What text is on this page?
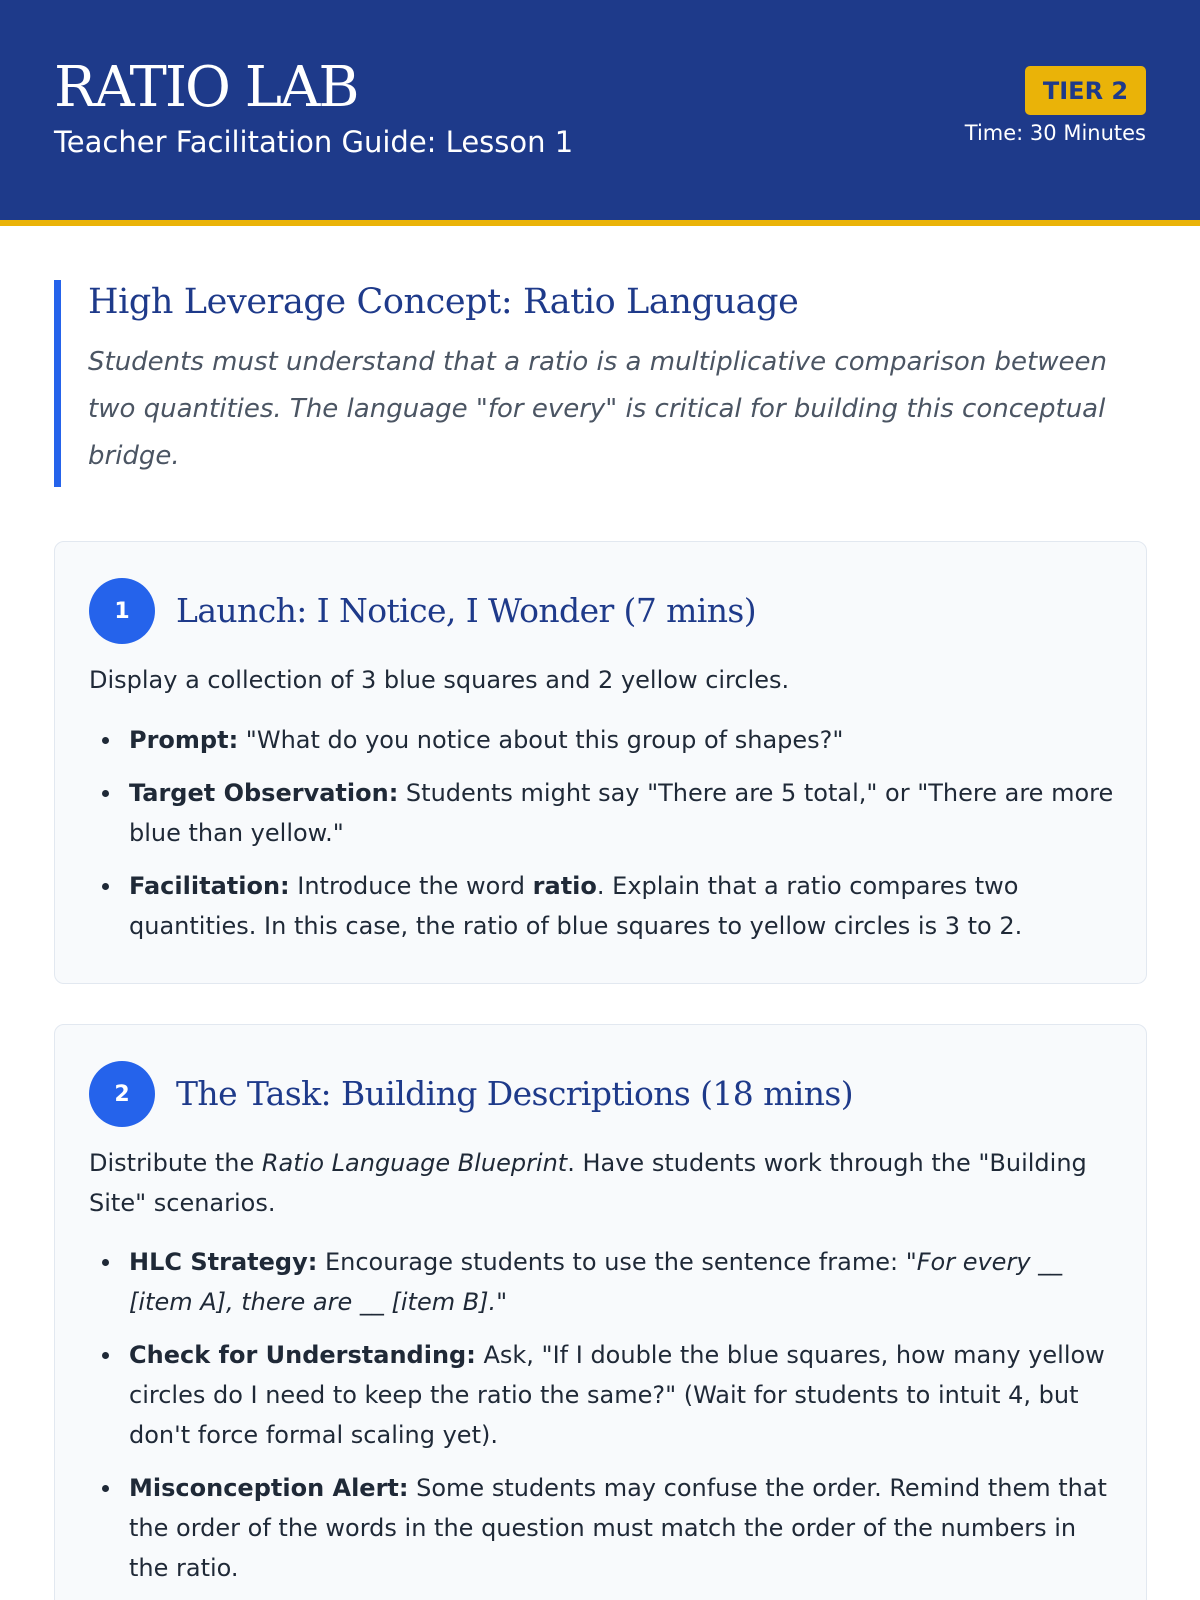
RATIO LAB
Teacher Facilitation Guide: Lesson 1
TIER 2
Time: 30 Minutes
High Leverage Concept: Ratio Language
Students must understand that a ratio is a multiplicative comparison between two quantities. The language "for every" is critical for building this conceptual bridge.
1	Launch: I Notice, I Wonder (7 mins)
Display a collection of 3 blue squares and 2 yellow circles.
Prompt: "What do you notice about this group of shapes?"
Target Observation: Students might say "There are 5 total," or "There are more blue than yellow."
Facilitation: Introduce the word ratio. Explain that a ratio compares two quantities. In this case, the ratio of blue squares to yellow circles is 3 to 2.
2	The Task: Building Descriptions (18 mins)
Distribute the Ratio Language Blueprint. Have students work through the "Building Site" scenarios.
HLC Strategy: Encourage students to use the sentence frame: "For every __ [item A], there are __ [item B]."
Check for Understanding: Ask, "If I double the blue squares, how many yellow circles do I need to keep the ratio the same?" (Wait for students to intuit 4, but don't force formal scaling yet).
Misconception Alert: Some students may confuse the order. Remind them that the order of the words in the question must match the order of the numbers in the ratio.
